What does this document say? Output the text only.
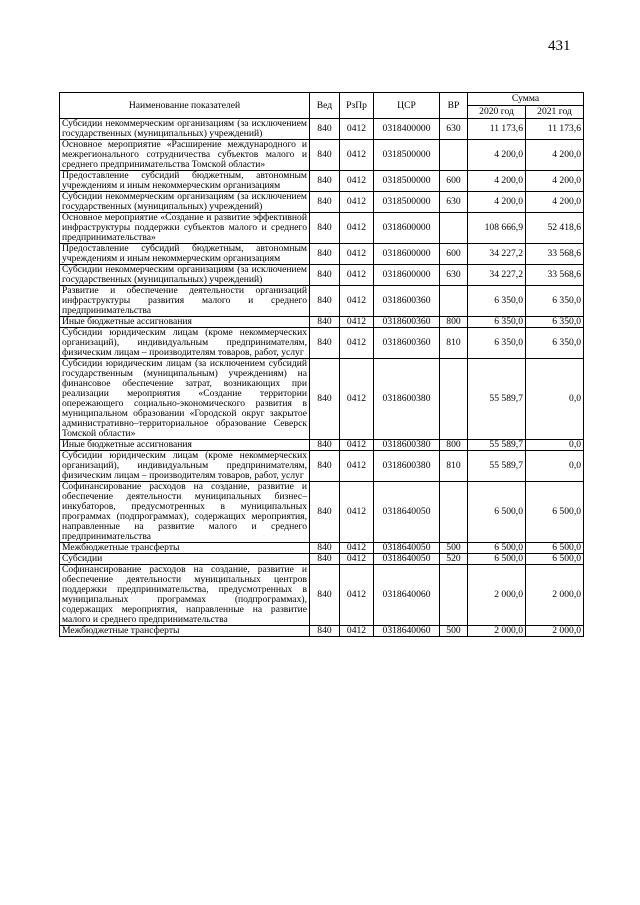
431
Наименование показателей	Вед	РзПр	ЦСР	ВР	Сумма	
					2020 год	2021 год
Субсидии некоммерческим организациям (за исключением государственных (муниципальных) учреждений)	840	0412	0318400000	630	11 173,6	11 173,6
Основное мероприятие «Расширение международного и межрегионального сотрудничества субъектов малого и среднего предпринимательства Томской области»	840	0412	0318500000		4 200,0	4 200,0
Предоставление субсидий бюджетным, автономным учреждениям и иным некоммерческим организациям	840	0412	0318500000	600	4 200,0	4 200,0
Субсидии некоммерческим организациям (за исключением государственных (муниципальных) учреждений)	840	0412	0318500000	630	4 200,0	4 200,0
Основное мероприятие «Создание и развитие эффективной инфраструктуры поддержки субъектов малого и среднего предпринимательства»	840	0412	0318600000		108 666,9	52 418,6
Предоставление субсидий бюджетным, автономным учреждениям и иным некоммерческим организациям	840	0412	0318600000	600	34 227,2	33 568,6
Субсидии некоммерческим организациям (за исключением государственных (муниципальных) учреждений)	840	0412	0318600000	630	34 227,2	33 568,6
Развитие и обеспечение деятельности организаций инфраструктуры развития малого и среднего предпринимательства	840	0412	0318600360		6 350,0	6 350,0
Иные бюджетные ассигнования	840	0412	0318600360	800	6 350,0	6 350,0
Субсидии юридическим лицам (кроме некоммерческих организаций), индивидуальным предпринимателям, физическим лицам – производителям товаров, работ, услуг	840	0412	0318600360	810	6 350,0	6 350,0
Субсидии юридическим лицам (за исключением субсидий государственным (муниципальным) учреждениям) на финансовое обеспечение затрат, возникающих при реализации мероприятия «Создание территории опережающего социально-экономического развития в муниципальном образовании «Городской округ закрытое административно–территориальное образование Северск Томской области»	840	0412	0318600380		55 589,7	0,0
Иные бюджетные ассигнования	840	0412	0318600380	800	55 589,7	0,0
Субсидии юридическим лицам (кроме некоммерческих организаций), индивидуальным предпринимателям, физическим лицам – производителям товаров, работ, услуг	840	0412	0318600380	810	55 589,7	0,0
Софинансирование расходов на создание, развитие и обеспечение деятельности муниципальных бизнес–инкубаторов, предусмотренных в муниципальных программах (подпрограммах), содержащих мероприятия, направленные на развитие малого и среднего предпринимательства	840	0412	0318640050		6 500,0	6 500,0
Межбюджетные трансферты	840	0412	0318640050	500	6 500,0	6 500,0
Субсидии	840	0412	0318640050	520	6 500,0	6 500,0
Софинансирование расходов на создание, развитие и обеспечение деятельности муниципальных центров поддержки предпринимательства, предусмотренных в муниципальных программах (подпрограммах), содержащих мероприятия, направленные на развитие малого и среднего предпринимательства	840	0412	0318640060		2 000,0	2 000,0
Межбюджетные трансферты	840	0412	0318640060	500	2 000,0	2 000,0
